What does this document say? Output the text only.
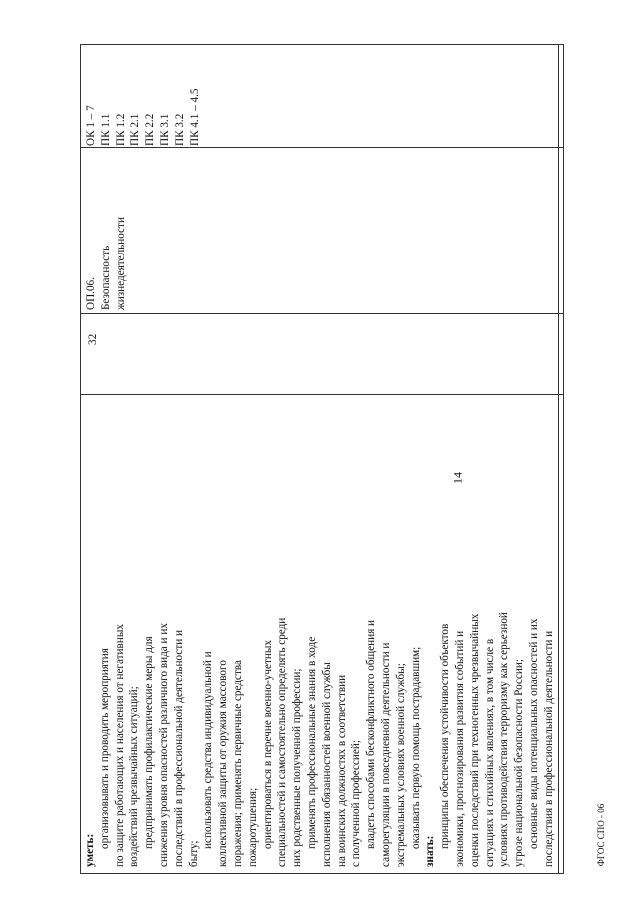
14
ОК 1 – 7 ПК 1.1 ПК 1.2 ПК 2.1 ПК 2.2 ПК 3.1 ПК 3.2 ПК 4.1 – 4.5
ОП.06. Безопасность жизнедеятельности
32
уметь:
организовывать и проводить мероприятия по защите работающих и населения от негативных воздействий чрезвычайных ситуаций; предпринимать профилактические меры для снижения уровня опасностей различного вида и их последствий в профессиональной деятельности и быту;
использовать средства индивидуальной и коллективной защиты от оружия массового поражения; применять первичные средства пожаротушения; ориентироваться в перечне военно-учетных специальностей и самостоятельно определять среди них родственные полученной профессии; применять профессиональные знания в ходе исполнения обязанностей военной службы на воинских должностях в соответствии с полученной профессией; владеть способами бесконфликтного общения и саморегуляции в повседневной деятельности и экстремальных условиях военной службы; оказывать первую помощь пострадавшим;
знать:
принципы обеспечения устойчивости объектов экономики, прогнозирования развития событий и оценки последствий при техногенных чрезвычайных ситуациях и стихийных явлениях, в том числе в условиях противодействия терроризму как серьезной угрозе национальной безопасности России; основные виды потенциальных опасностей и их последствия в профессиональной деятельности и	ФГОС СПО - 06
